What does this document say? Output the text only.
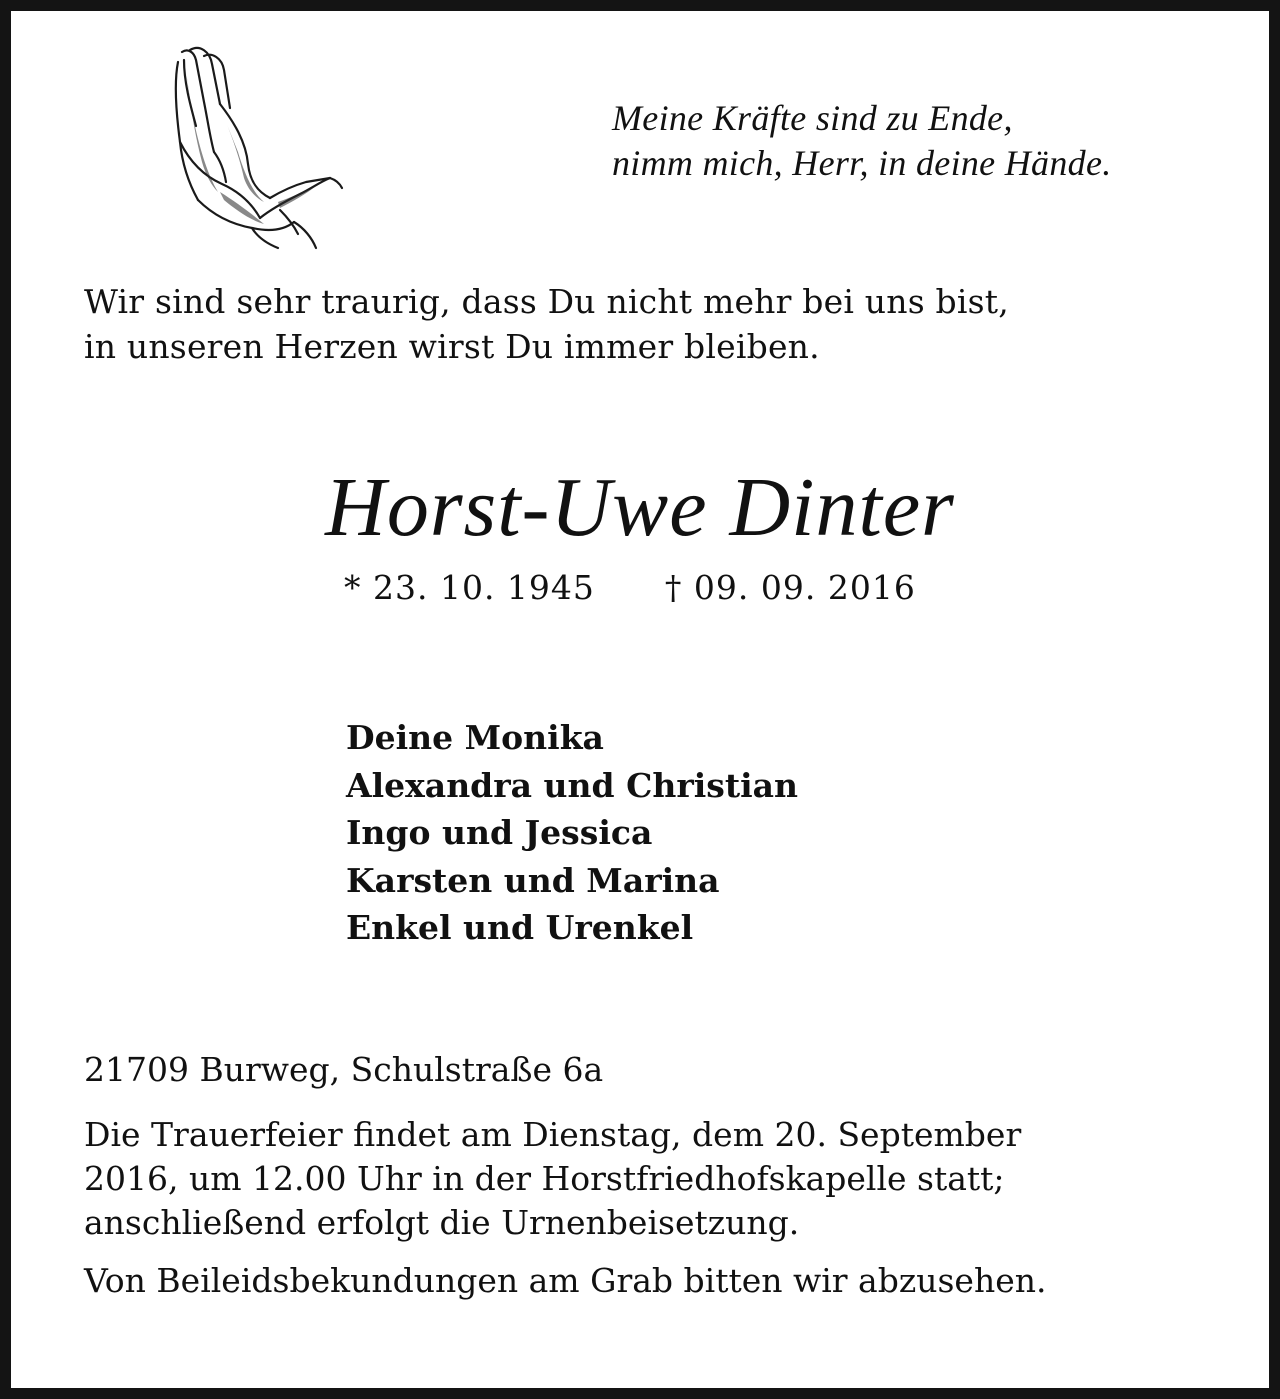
Meine Kräfte sind zu Ende,
nimm mich, Herr, in deine Hände.
Wir sind sehr traurig, dass Du nicht mehr bei uns bist,
in unseren Herzen wirst Du immer bleiben.
Horst-Uwe Dinter
* 23. 10. 1945 † 09. 09. 2016
Deine Monika
Alexandra und Christian
Ingo und Jessica
Karsten und Marina
Enkel und Urenkel
21709 Burweg, Schulstraße 6a
Die Trauerfeier findet am Dienstag, dem 20. September
2016, um 12.00 Uhr in der Horstfriedhofskapelle statt;
anschließend erfolgt die Urnenbeisetzung.
Von Beileidsbekundungen am Grab bitten wir abzusehen.
